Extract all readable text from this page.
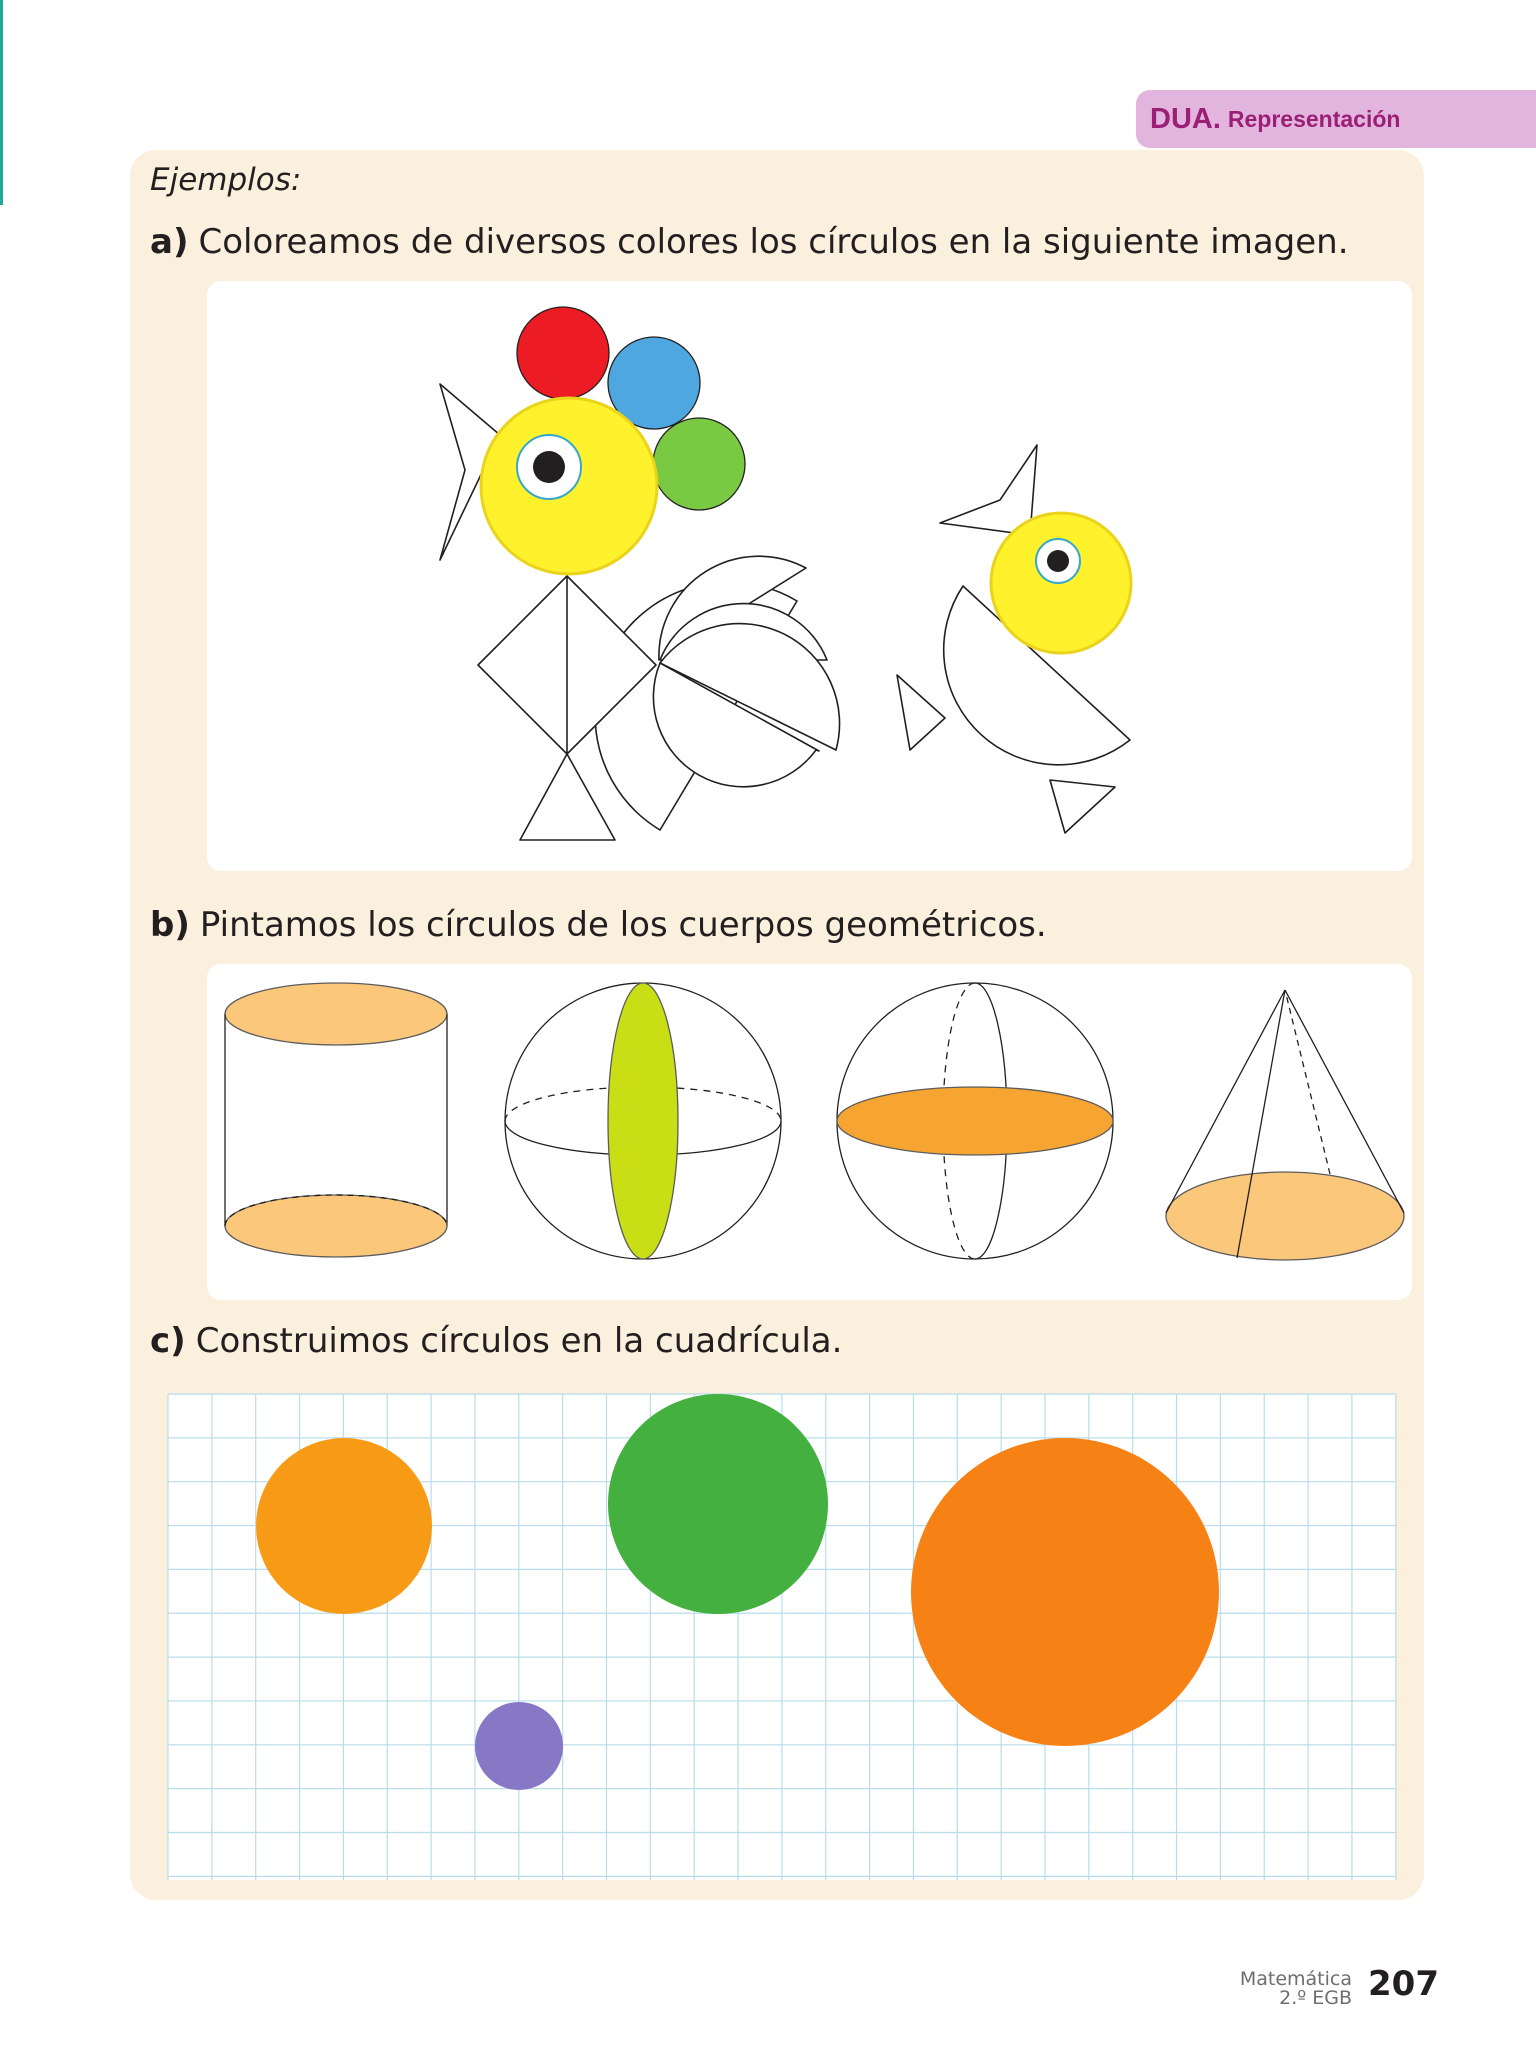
DUA. Representación
Ejemplos:
a) Coloreamos de diversos colores los círculos en la siguiente imagen.
b) Pintamos los círculos de los cuerpos geométricos.
c) Construimos círculos en la cuadrícula.
Matemática
2.º EGB 207
